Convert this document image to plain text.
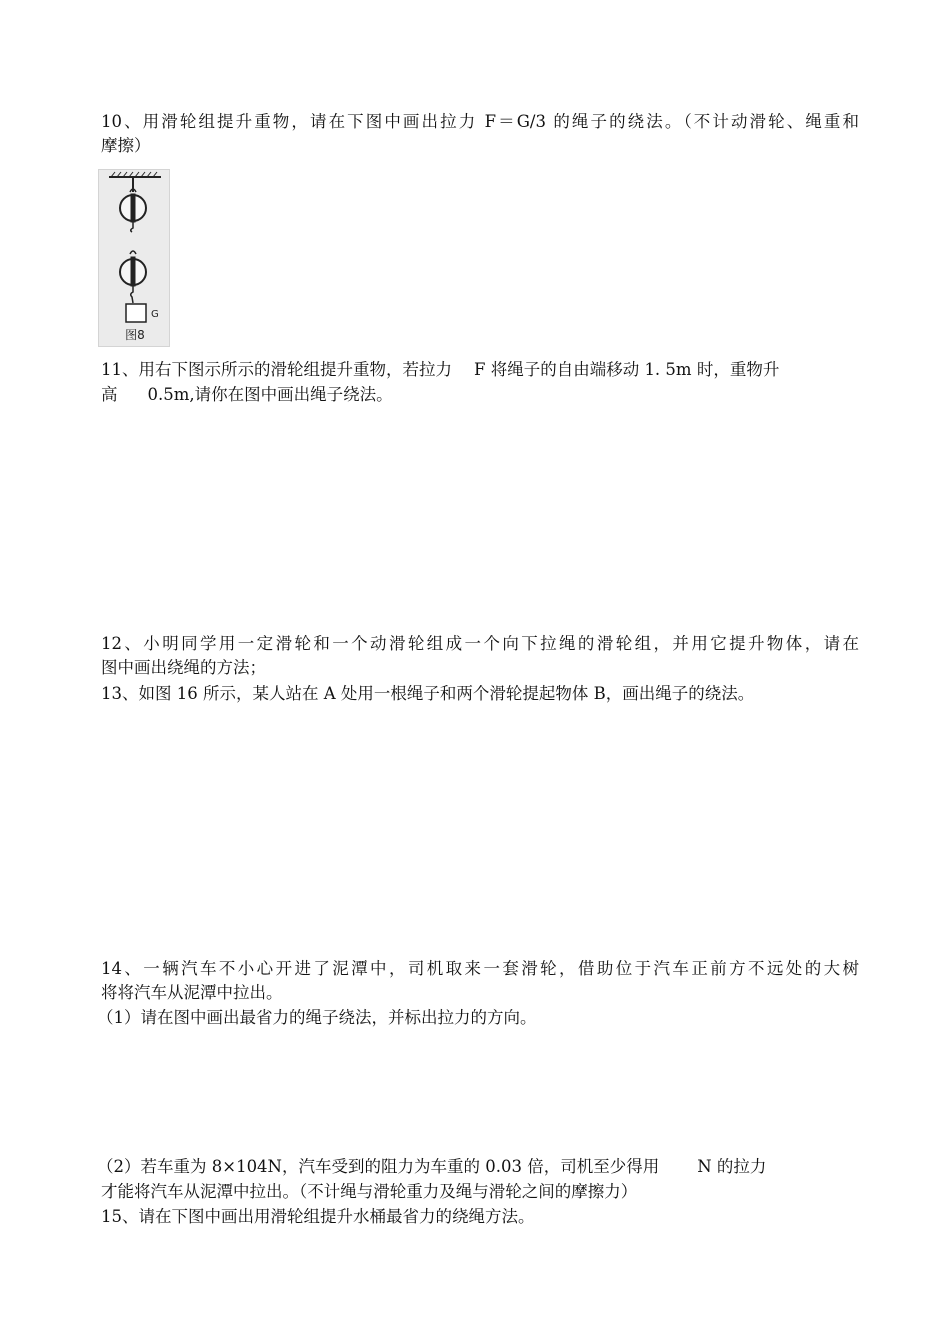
10、用滑轮组提升重物，请在下图中画出拉力 F＝G/3 的绳子的绕法。（不计动滑轮、绳重和
摩擦）
G
图8
11、用右下图示所示的滑轮组提升重物，若拉力 F 将绳子的自由端移动 1. 5m 时，重物升
高 0.5m,请你在图中画出绳子绕法。
12、小明同学用一定滑轮和一个动滑轮组成一个向下拉绳的滑轮组，并用它提升物体，请在
图中画出绕绳的方法；
13、如图 16 所示，某人站在 A 处用一根绳子和两个滑轮提起物体 B，画出绳子的绕法。
14、一辆汽车不小心开进了泥潭中，司机取来一套滑轮，借助位于汽车正前方不远处的大树
将将汽车从泥潭中拉出。
（1）请在图中画出最省力的绳子绕法，并标出拉力的方向。
（2）若车重为 8×104N，汽车受到的阻力为车重的 0.03 倍，司机至少得用 N 的拉力
才能将汽车从泥潭中拉出。（不计绳与滑轮重力及绳与滑轮之间的摩擦力）
15、请在下图中画出用滑轮组提升水桶最省力的绕绳方法。
